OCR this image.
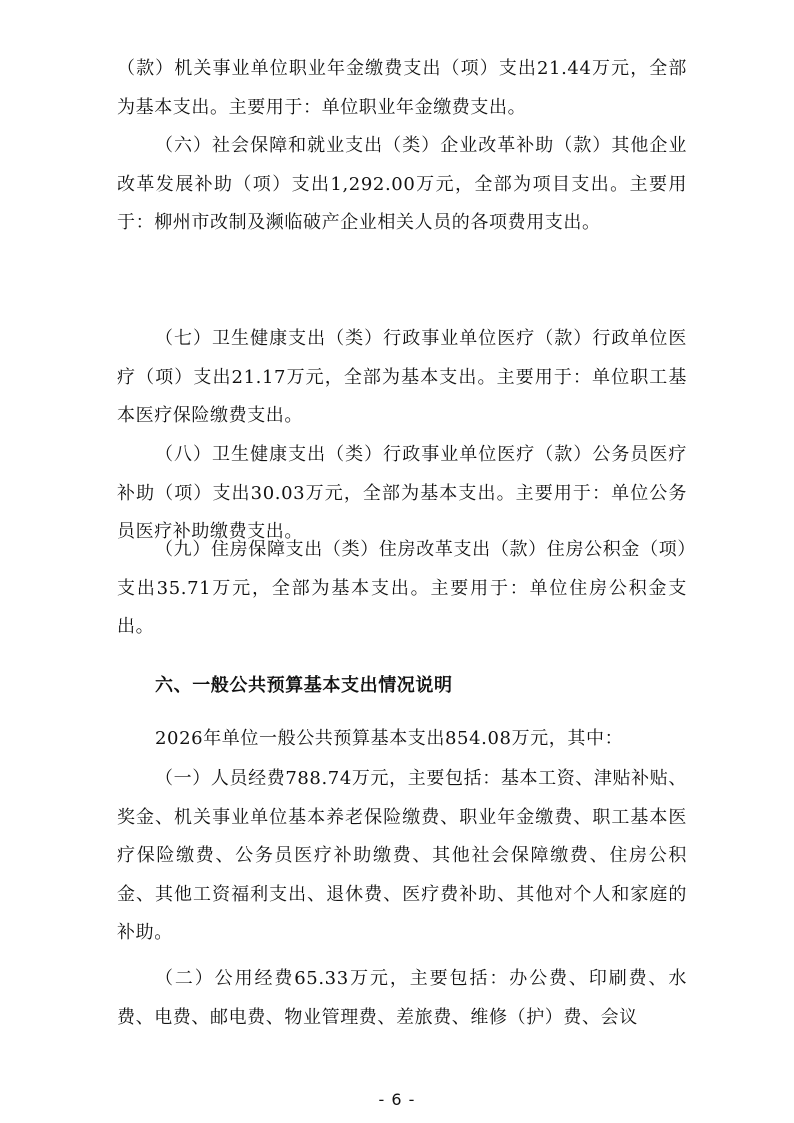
（款）机关事业单位职业年金缴费支出（项）支出21.44万元，全部为基本支出。主要用于：单位职业年金缴费支出。

（六）社会保障和就业支出（类）企业改革补助（款）其他企业改革发展补助（项）支出1,292.00万元，全部为项目支出。主要用于：柳州市改制及濒临破产企业相关人员的各项费用支出。

（七）卫生健康支出（类）行政事业单位医疗（款）行政单位医疗（项）支出21.17万元，全部为基本支出。主要用于：单位职工基本医疗保险缴费支出。

（八）卫生健康支出（类）行政事业单位医疗（款）公务员医疗补助（项）支出30.03万元，全部为基本支出。主要用于：单位公务员医疗补助缴费支出。

（九）住房保障支出（类）住房改革支出（款）住房公积金（项）支出35.71万元，全部为基本支出。主要用于：单位住房公积金支出。

六、一般公共预算基本支出情况说明

2026年单位一般公共预算基本支出854.08万元，其中：

（一）人员经费788.74万元，主要包括：基本工资、津贴补贴、奖金、机关事业单位基本养老保险缴费、职业年金缴费、职工基本医疗保险缴费、公务员医疗补助缴费、其他社会保障缴费、住房公积金、其他工资福利支出、退休费、医疗费补助、其他对个人和家庭的补助。

（二）公用经费65.33万元，主要包括：办公费、印刷费、水费、电费、邮电费、物业管理费、差旅费、维修（护）费、会议

- 6 -
